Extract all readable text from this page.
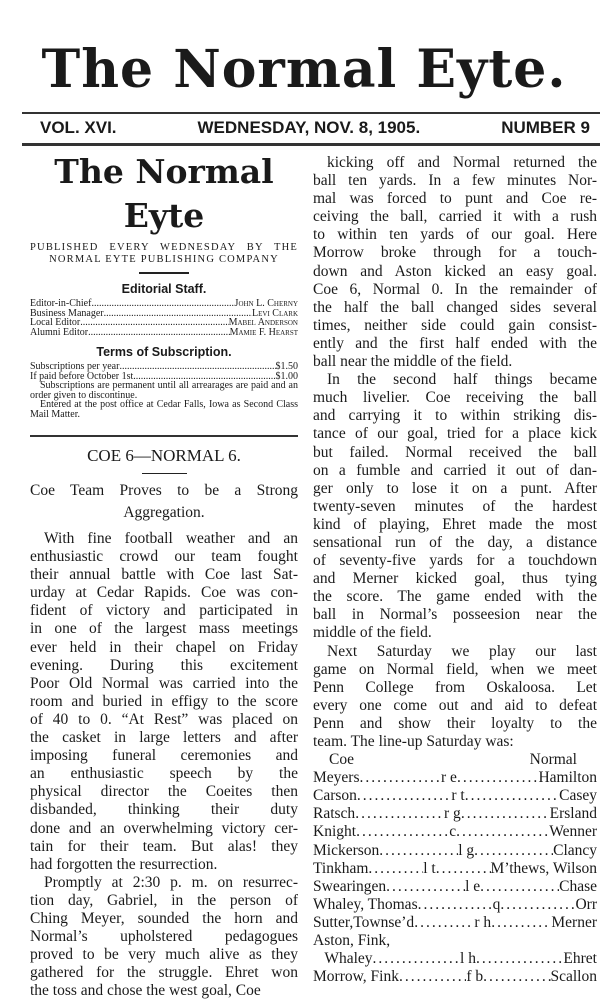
The Normal Eyte.
VOL. XVI.	WEDNESDAY, NOV. 8, 1905.	NUMBER 9
The Normal Eyte
PUBLISHED EVERY WEDNESDAY BY THE
NORMAL EYTE PUBLISHING COMPANY
Editorial Staff.
Editor-in-Chief .....	John L. Cherny
Business Manager .....	Levi Clark
Local Editor .....	Mabel Anderson
Alumni Editor .....	Mamie F. Hearst
Terms of Subscription.
Subscriptions per year .....	$1.50
If paid before October 1st .....	$1.00
Subscriptions are permanent until all arrearages are paid and an order given to discontinue.
Entered at the post office at Cedar Falls, Iowa as Second Class Mail Matter.
COE 6—NORMAL 6.
Coe Team Proves to be a Strong
Aggregation.
With fine football weather and an
enthusiastic crowd our team fought
their annual battle with Coe last Sat-
urday at Cedar Rapids. Coe was con-
fident of victory and participated in
in one of the largest mass meetings
ever held in their chapel on Friday
evening. During this excitement
Poor Old Normal was carried into the
room and buried in effigy to the score
of 40 to 0. “At Rest” was placed on
the casket in large letters and after
imposing funeral ceremonies and
an enthusiastic speech by the
physical director the Coeites then
disbanded, thinking their duty
done and an overwhelming victory cer-
tain for their team. But alas! they
had forgotten the resurrection.
Promptly at 2:30 p. m. on resurrec-
tion day, Gabriel, in the person of
Ching Meyer, sounded the horn and
Normal’s upholstered pedagogues
proved to be very much alive as they
gathered for the struggle. Ehret won
the toss and chose the west goal, Coe
kicking off and Normal returned the
ball ten yards. In a few minutes Nor-
mal was forced to punt and Coe re-
ceiving the ball, carried it with a rush
to within ten yards of our goal. Here
Morrow broke through for a touch-
down and Aston kicked an easy goal.
Coe 6, Normal 0. In the remainder of
the half the ball changed sides several
times, neither side could gain consist-
ently and the first half ended with the
ball near the middle of the field.
In the second half things became
much livelier. Coe receiving the ball
and carrying it to within striking dis-
tance of our goal, tried for a place kick
but failed. Normal received the ball
on a fumble and carried it out of dan-
ger only to lose it on a punt. After
twenty-seven minutes of the hardest
kind of playing, Ehret made the most
sensational run of the day, a distance
of seventy-five yards for a touchdown
and Merner kicked goal, thus tying
the score. The game ended with the
ball in Normal’s posseesion near the
middle of the field.
Next Saturday we play our last
game on Normal field, when we meet
Penn College from Oskaloosa. Let
every one come out and aid to defeat
Penn and show their loyalty to the
team. The line-up Saturday was:
Coe	Normal
Meyers .....	r e .....	Hamilton
Carson .....	r t .....	Casey
Ratsch .....	r g .....	Ersland
Knight .....	c .....	Wenner
Mickerson .....	l g .....	Clancy
Tinkham .....	l t .....	M’thews, Wilson
Swearingen .....	l e .....	Chase
Whaley, Thomas .....	q .....	Orr
Sutter,Townse’d .....	r h .....	Merner
Aston, Fink,
Whaley .....	l h .....	Ehret
Morrow, Fink .....	f b .....	Scallon
